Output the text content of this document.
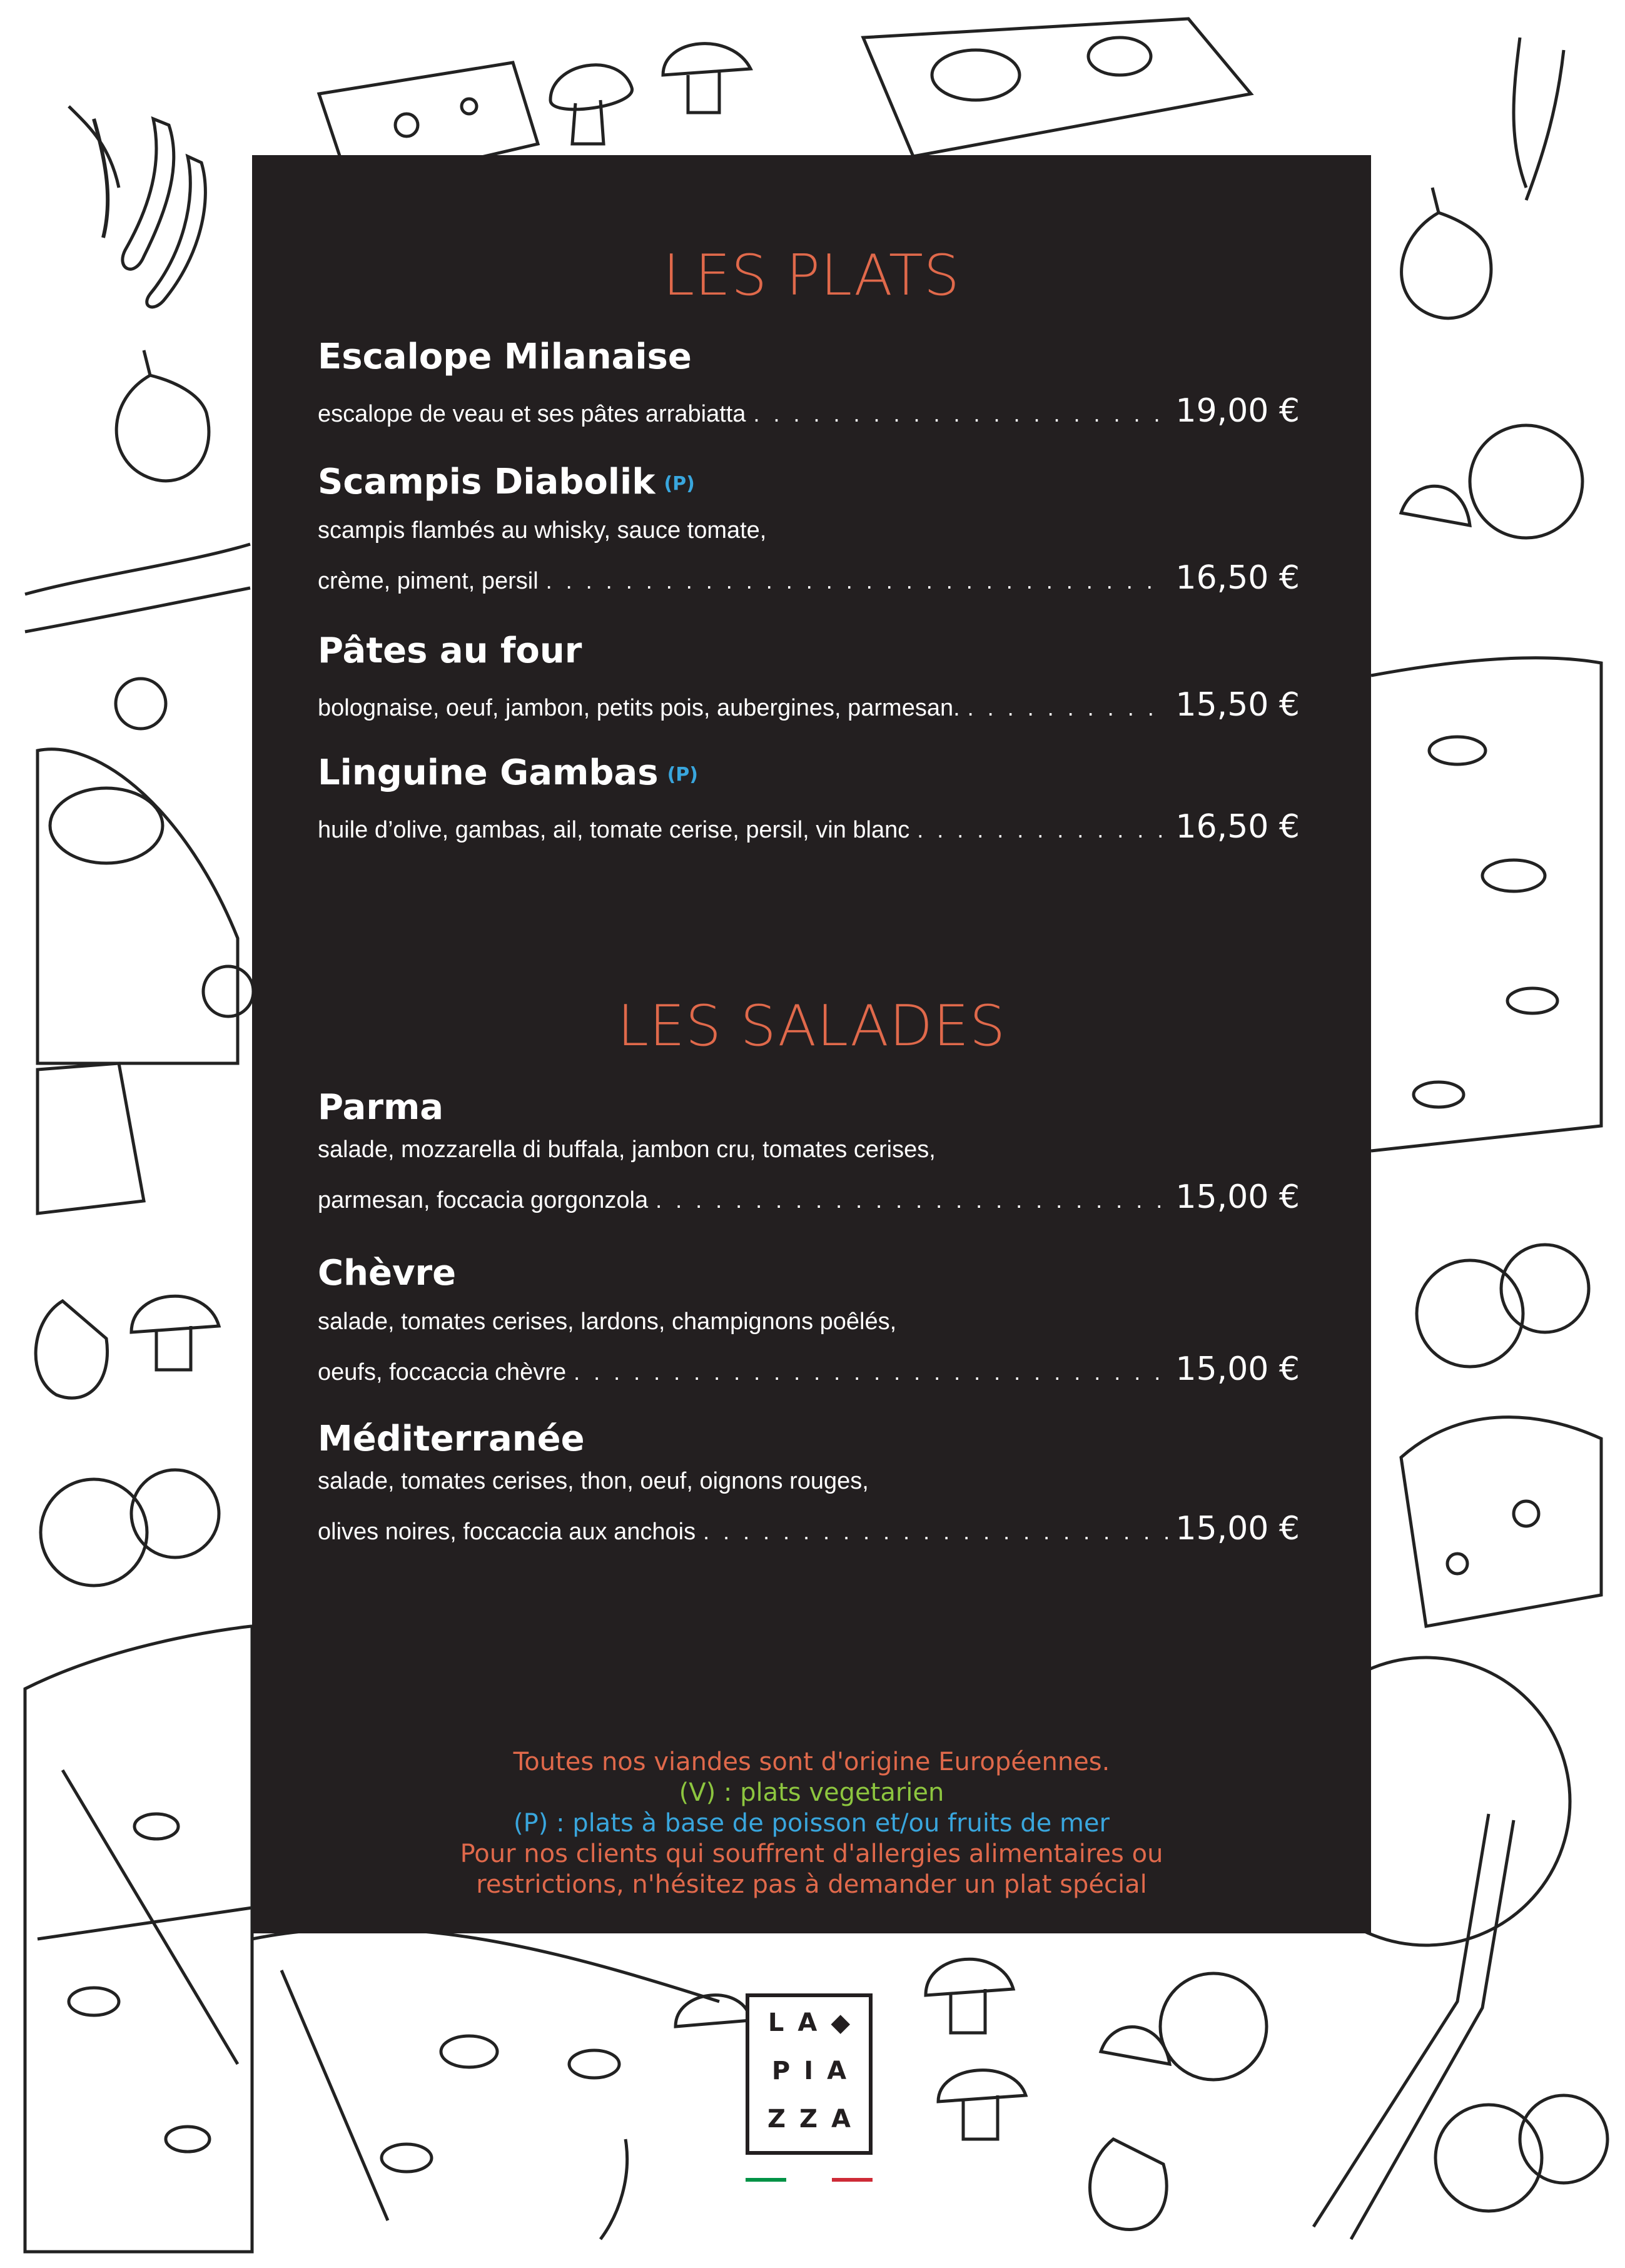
LES PLATS
Escalope Milanaise
escalope de veau et ses pâtes arrabiatta . . .	19,00 €
Scampis Diabolik (P)
scampis flambés au whisky, sauce tomate,
crème, piment, persil . . .	16,50 €
Pâtes au four
bolognaise, oeuf, jambon, petits pois, aubergines, parmesan. . . .	15,50 €
Linguine Gambas (P)
huile d’olive, gambas, ail, tomate cerise, persil, vin blanc . . .	16,50 €
LES SALADES
Parma
salade, mozzarella di buffala, jambon cru, tomates cerises,
parmesan, foccacia gorgonzola . . .	15,00 €
Chèvre
salade, tomates cerises, lardons, champignons poêlés,
oeufs, foccaccia chèvre . . .	15,00 €
Méditerranée
salade, tomates cerises, thon, oeuf, oignons rouges,
olives noires, foccaccia aux anchois . . .	15,00 €
Toutes nos viandes sont d'origine Européennes.
(V) : plats vegetarien
(P) : plats à base de poisson et/ou fruits de mer
Pour nos clients qui souffrent d'allergies alimentaires ou
restrictions, n'hésitez pas à demander un plat spécial
LA◆
PIA
ZZA
